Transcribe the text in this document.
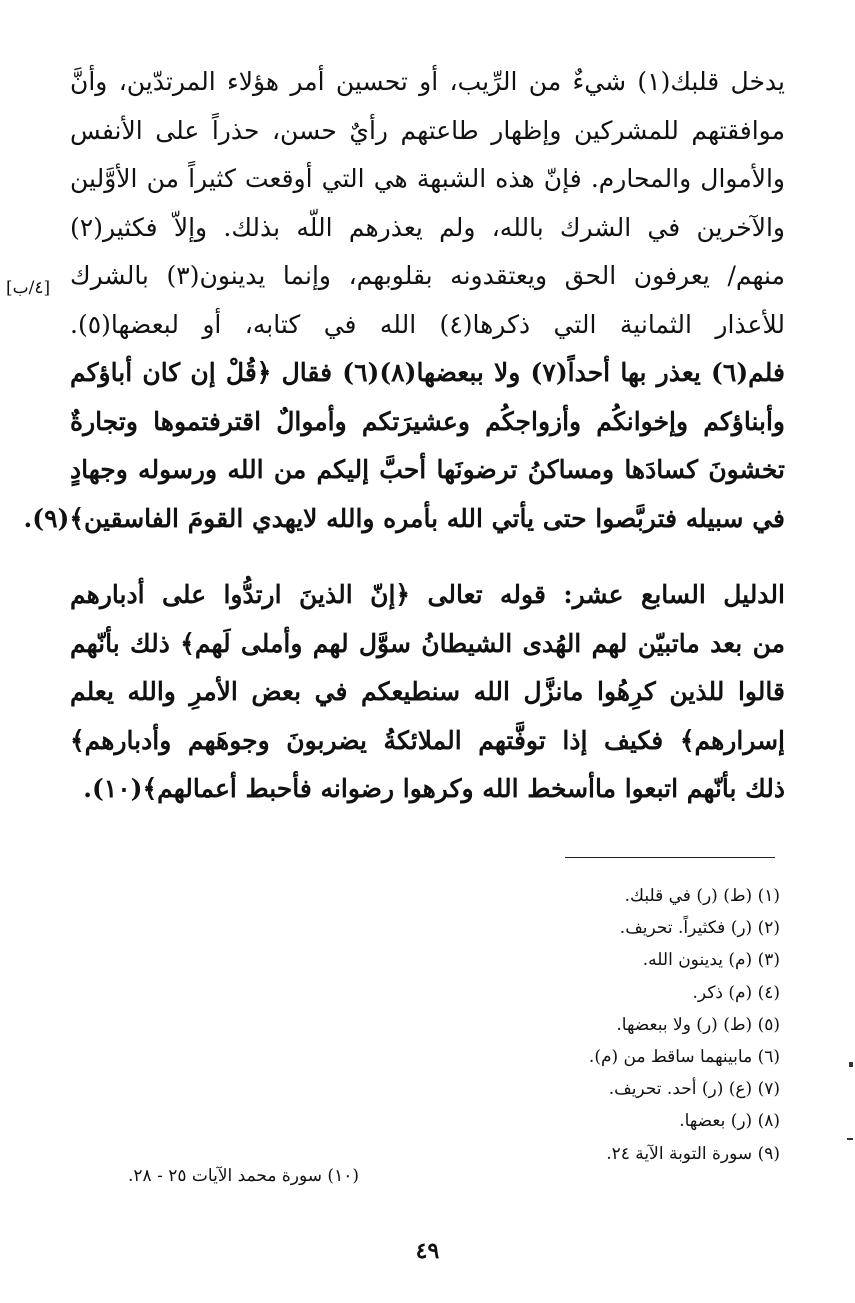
يدخل قلبك(١) شيءٌ من الرِّيب، أو تحسين أمر هؤلاء المرتدّين، وأنَّ
موافقتهم للمشركين وإظهار طاعتهم رأيٌ حسن، حذراً على الأنفس
والأموال والمحارم. فإنّ هذه الشبهة هي التي أوقعت كثيراً من الأوَّلين
والآخرين في الشرك بالله، ولم يعذرهم اللّه بذلك. وإلاّ فكثير(٢)
منهم/ يعرفون الحق ويعتقدونه بقلوبهم، وإنما يدينون(٣) بالشرك
للأعذار الثمانية التي ذكرها(٤) الله في كتابه، أو لبعضها(٥).
فلم(٦) يعذر بها أحداً(٧) ولا ببعضها(٨)(٦) فقال ﴿قُلْ إن كان أباؤكم
وأبناؤكم وإخوانكُم وأزواجكُم وعشيرَتكم وأموالٌ اقترفتموها وتجارةٌ
تخشونَ كسادَها ومساكنُ ترضونَها أحبَّ إليكم من الله ورسوله وجهادٍ
في سبيله فتربَّصوا حتى يأتي الله بأمره والله لايهدي القومَ الفاسقين﴾(٩).
الدليل السابع عشر: قوله تعالى ﴿إنّ الذينَ ارتدُّوا على أدبارهم
من بعد ماتبيّن لهم الهُدى الشيطانُ سوَّل لهم وأملى لَهم﴾ ذلك بأنّهم
قالوا للذين كرِهُوا مانزَّل الله سنطيعكم في بعض الأمرِ والله يعلم
إسرارهم﴾ فكيف إذا توفَّتهم الملائكةُ يضربونَ وجوهَهم وأدبارهم﴾
ذلك بأنّهم اتبعوا ماأسخط الله وكرهوا رضوانه فأحبط أعمالهم﴾(١٠).
[٤/ب]
(١) (ط) (ر) في قلبك.
(٢) (ر) فكثيراً. تحريف.
(٣) (م) يدينون الله.
(٤) (م) ذكر.
(٥) (ط) (ر) ولا ببعضها.
(٦) مابينهما ساقط من (م).
(٧) (ع) (ر) أحد. تحريف.
(٨) (ر) بعضها.
(٩) سورة التوبة الآية ٢٤.
(١٠) سورة محمد الآيات ٢٥ - ٢٨.
٤٩
